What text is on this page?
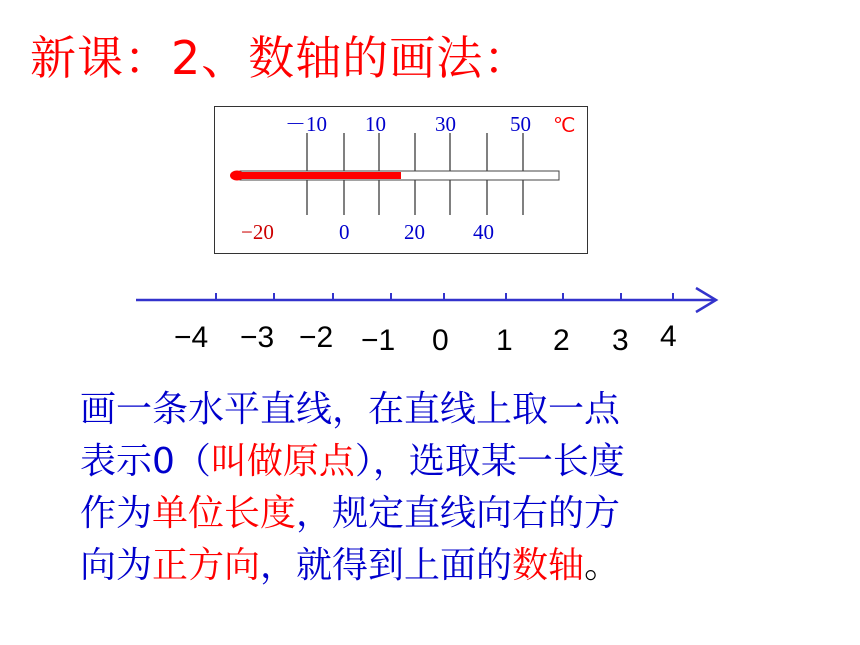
新课：2、数轴的画法：
－10 10 30	50 ℃
−20	0	20 40
−4 −3 −2 −1 0 1 2 3 4
画一条水平直线，在直线上取一点
表示0（叫做原点），选取某一长度
作为单位长度，规定直线向右的方
向为正方向，就得到上面的数轴。
